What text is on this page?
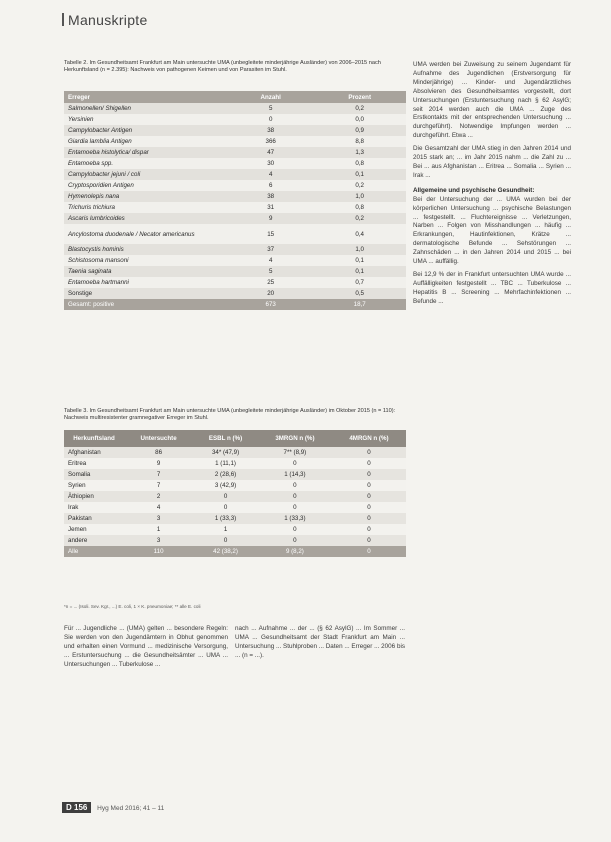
Manuskripte
Tabelle 2. Im Gesundheitsamt Frankfurt am Main untersuchte UMA (unbegleitete minderjährige Ausländer) von 2006–2015 nach Herkunftsland (n = 2.395): Nachweis von pathogenen Keimen und von Parasiten im Stuhl.
Erreger	Anzahl	Prozent
Salmonellen/ Shigellen	5	0,2
Yersinien	0	0,0
Campylobacter Antigen	38	0,9
Giardia lamblia Antigen	366	8,8
Entamoeba histolytica/ dispar	47	1,3
Entamoeba spp.	30	0,8
Campylobacter jejuni / coli	4	0,1
Cryptosporidien Antigen	6	0,2
Hymenolepis nana	38	1,0
Trichuris trichiura	31	0,8
Ascaris lumbricoides	9	0,2
Ancylostoma duodenale / Necator americanus	15	0,4
Blastocystis hominis	37	1,0
Schistosoma mansoni	4	0,1
Taenia saginata	5	0,1
Entamoeba hartmanni	25	0,7
Sonstige	20	0,5
Gesamt: positive	673	18,7
Tabelle 3. Im Gesundheitsamt Frankfurt am Main untersuchte UMA (unbegleitete minderjährige Ausländer) im Oktober 2015 (n = 110): Nachweis multiresistenter gramnegativer Erreger im Stuhl.
Herkunftsland	Untersuchte	ESBL n (%)	3MRGN n (%)	4MRGN n (%)
Afghanistan	86	34* (47,9)	7** (8,9)	0
Eritrea	9	1 (11,1)	0	0
Somalia	7	2 (28,6)	1 (14,3)	0
Syrien	7	3 (42,9)	0	0
Äthiopien	2	0	0	0
Irak	4	0	0	0
Pakistan	3	1 (33,3)	1 (33,3)	0
Jemen	1	1	0	0
andere	3	0	0	0
Alle	110	42 (38,2)	9 (8,2)	0
*n = ... (Isoli. Sev. Kgr., ...) E. coli, 1 × K. pneumoniae; ** alle E. coli

UMA werden bei Zuweisung zu seinem Jugendamt für Aufnahme des Jugendlichen (Erstversorgung für Minderjährige) ... Kinder- und Jugendärztliches Absolvieren des Gesundheitsamtes vorgestellt, dort Untersuchungen (Erstuntersuchung nach § 62 AsylG; seit 2014 werden auch die UMA ... Zuge des Erstkontakts mit der entsprechenden Untersuchung ... durchgeführt). Notwendige Impfungen werden ... durchgeführt. Etwa ...

Die Gesamtzahl der UMA stieg in den Jahren 2014 und 2015 stark an; ... im Jahr 2015 nahm ... die Zahl zu ... Bei ... aus Afghanistan ... Eritrea ... Somalia ... Syrien ... Irak ...

Allgemeine und psychische Gesundheit:

Bei der Untersuchung der ... UMA wurden bei der körperlichen Untersuchung ... psychische Belastungen ... festgestellt. ... Fluchtereignisse ... Verletzungen, Narben ... Folgen von Misshandlungen ... häufig ... Erkrankungen, Hautinfektionen, Krätze ... dermatologische Befunde ... Sehstörungen ... Zahnschäden ... in den Jahren 2014 und 2015 ... bei UMA ... auffällig.

Bei 12,9 % der in Frankfurt untersuchten UMA wurde ... Auffälligkeiten festgestellt ... TBC ... Tuberkulose ... Hepatitis B ... Screening ... Mehrfachinfektionen ... Befunde ...

Für ... Jugendliche ... (UMA) gelten ... besondere Regeln: Sie werden von den Jugendämtern in Obhut genommen und erhalten einen Vormund ... medizinische Versorgung, ... Erstuntersuchung ... die Gesundheitsämter ... UMA ... Untersuchungen ... Tuberkulose ...

nach ... Aufnahme ... der ... (§ 62 AsylG) ... Im Sommer ... UMA ... Gesundheitsamt der Stadt Frankfurt am Main ... Untersuchung ... Stuhlproben ... Daten ... Erreger ... 2006 bis ... (n = ...).

D 156 Hyg Med 2016; 41 – 11
